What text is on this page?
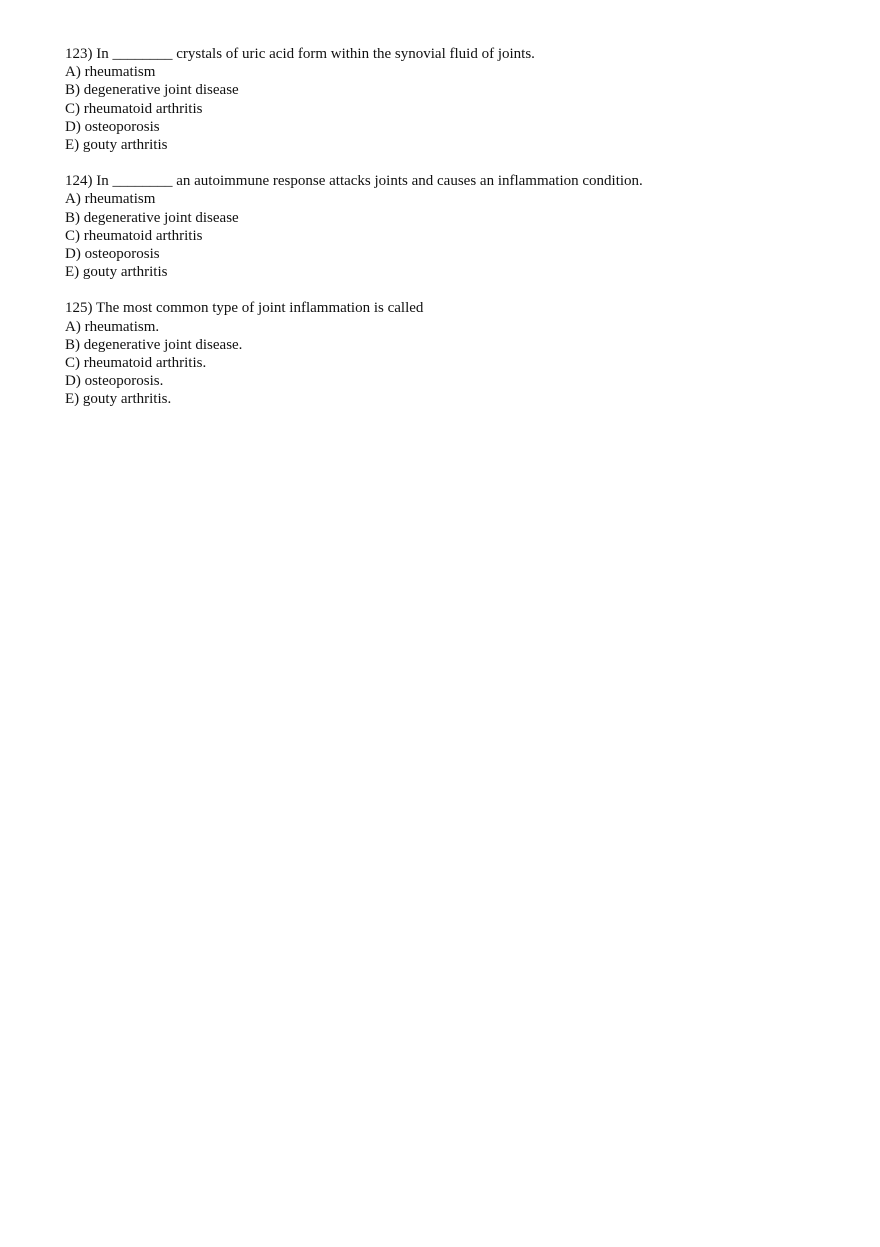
123) In ________ crystals of uric acid form within the synovial fluid of joints.

A) rheumatism

B) degenerative joint disease

C) rheumatoid arthritis

D) osteoporosis

E) gouty arthritis

124) In ________ an autoimmune response attacks joints and causes an inflammation condition.

A) rheumatism

B) degenerative joint disease

C) rheumatoid arthritis

D) osteoporosis

E) gouty arthritis

125) The most common type of joint inflammation is called

A) rheumatism.

B) degenerative joint disease.

C) rheumatoid arthritis.

D) osteoporosis.

E) gouty arthritis.
